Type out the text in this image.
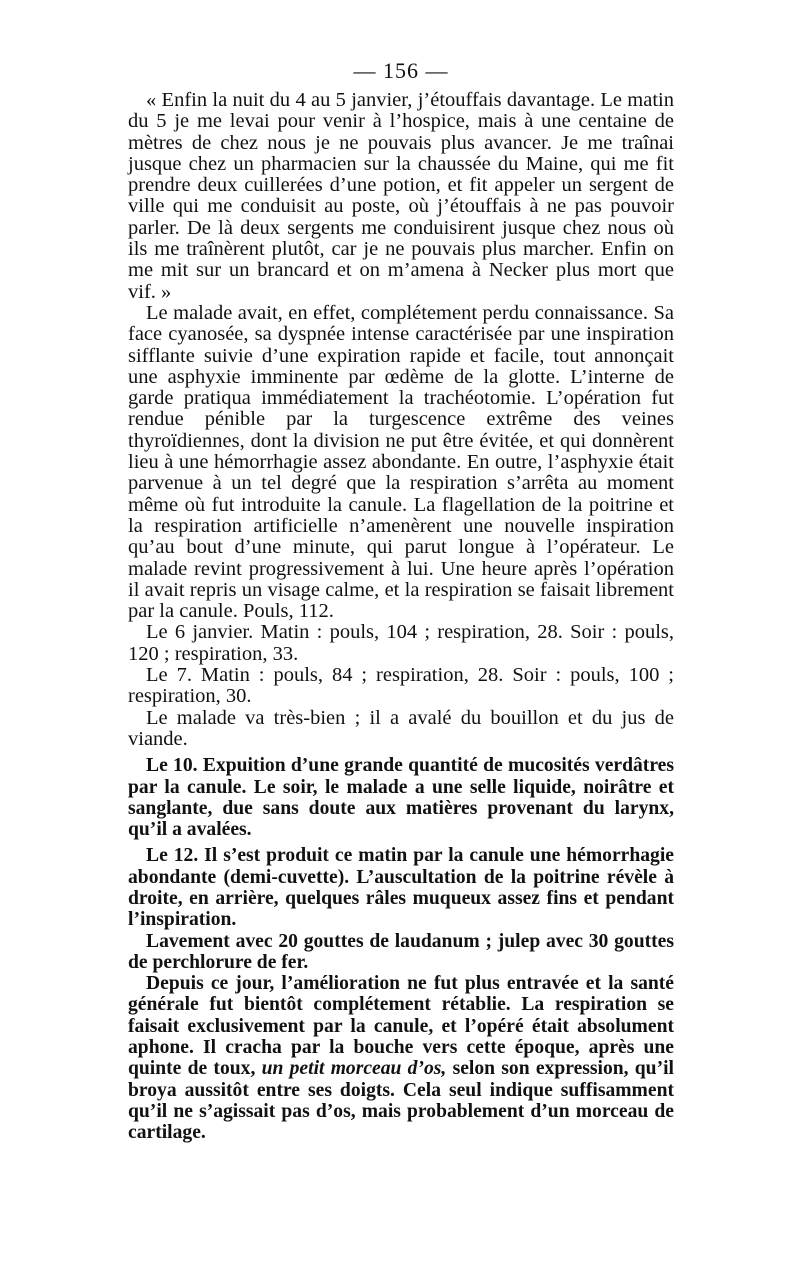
— 156 —

« Enfin la nuit du 4 au 5 janvier, j’étouffais davantage. Le matin du 5 je me levai pour venir à l’hospice, mais à une centaine de mètres de chez nous je ne pouvais plus avancer. Je me traînai jusque chez un pharmacien sur la chaussée du Maine, qui me fit prendre deux cuillerées d’une potion, et fit appeler un sergent de ville qui me conduisit au poste, où j’étouffais à ne pas pouvoir parler. De là deux sergents me conduisirent jusque chez nous où ils me traînèrent plutôt, car je ne pouvais plus marcher. Enfin on me mit sur un brancard et on m’amena à Necker plus mort que vif. »

Le malade avait, en effet, complétement perdu connaissance. Sa face cyanosée, sa dyspnée intense caractérisée par une inspiration sifflante suivie d’une expiration rapide et facile, tout annonçait une asphyxie imminente par œdème de la glotte. L’interne de garde pratiqua immédiatement la trachéotomie. L’opération fut rendue pénible par la turgescence extrême des veines thyroïdiennes, dont la division ne put être évitée, et qui donnèrent lieu à une hémorrhagie assez abondante. En outre, l’asphyxie était parvenue à un tel degré que la respiration s’arrêta au moment même où fut introduite la canule. La flagellation de la poitrine et la respiration artificielle n’amenèrent une nouvelle inspiration qu’au bout d’une minute, qui parut longue à l’opérateur. Le malade revint progressivement à lui. Une heure après l’opération il avait repris un visage calme, et la respiration se faisait librement par la canule. Pouls, 112.

Le 6 janvier. Matin : pouls, 104 ; respiration, 28. Soir : pouls, 120 ; respiration, 33.

Le 7. Matin : pouls, 84 ; respiration, 28. Soir : pouls, 100 ; respiration, 30.

Le malade va très-bien ; il a avalé du bouillon et du jus de viande.

Le 10. Expuition d’une grande quantité de mucosités verdâtres par la canule. Le soir, le malade a une selle liquide, noirâtre et sanglante, due sans doute aux matières provenant du larynx, qu’il a avalées.

Le 12. Il s’est produit ce matin par la canule une hémorrhagie abondante (demi-cuvette). L’auscultation de la poitrine révèle à droite, en arrière, quelques râles muqueux assez fins et pendant l’inspiration.

Lavement avec 20 gouttes de laudanum ; julep avec 30 gouttes de perchlorure de fer.

Depuis ce jour, l’amélioration ne fut plus entravée et la santé générale fut bientôt complétement rétablie. La respiration se faisait exclusivement par la canule, et l’opéré était absolument aphone. Il cracha par la bouche vers cette époque, après une quinte de toux, un petit morceau d’os, selon son expression, qu’il broya aussitôt entre ses doigts. Cela seul indique suffisamment qu’il ne s’agissait pas d’os, mais probablement d’un morceau de cartilage.
